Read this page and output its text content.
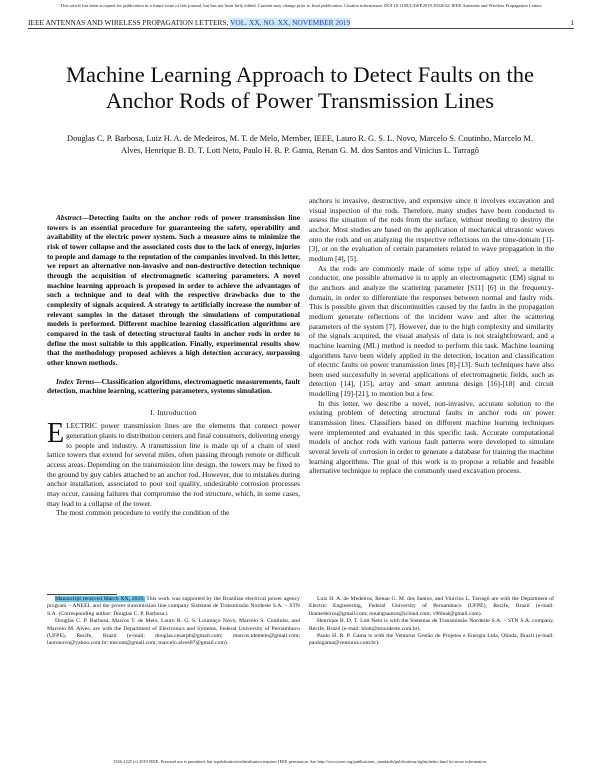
This article has been accepted for publication in a future issue of this journal, but has not been fully edited. Content may change prior to final publication. Citation information: DOI 10.1109/LAWP.2019.2932632, IEEE Antennas and Wireless Propagation Letters
IEEE ANTENNAS AND WIRELESS PROPAGATION LETTERS, VOL. XX, NO. XX, NOVEMBER 2019	1
Machine Learning Approach to Detect Faults on the Anchor Rods of Power Transmission Lines
Douglas C. P. Barbosa, Luiz H. A. de Medeiros, M. T. de Melo, Member, IEEE, Lauro R. G. S. L. Novo, Marcelo S. Coutinho, Marcelo M. Alves, Henrique B. D. T. Lott Neto, Paulo H. R. P. Gama, Renan G. M. dos Santos and Vinícius L. Tarragô

Abstract—Detecting faults on the anchor rods of power transmission line towers is an essential procedure for guaranteeing the safety, operability and availability of the electric power system. Such a measure aims to minimize the risk of tower collapse and the associated costs due to the lack of energy, injuries to people and damage to the reputation of the companies involved. In this letter, we report an alternative non-invasive and non-destructive detection technique through the acquisition of electromagnetic scattering parameters. A novel machine learning approach is proposed in order to achieve the advantages of such a technique and to deal with the respective drawbacks due to the complexity of signals acquired. A strategy to artificially increase the number of relevant samples in the dataset through the simulations of computational models is performed. Different machine learning classification algorithms are compared in the task of detecting structural faults in anchor rods in order to define the most suitable to this application. Finally, experimental results show that the methodology proposed achieves a high detection accuracy, surpassing other known methods.

Index Terms—Classification algorithms, electromagnetic measurements, fault detection, machine learning, scattering parameters, systems simulation.

I. Introduction

ELECTRIC power transmission lines are the elements that connect power generation plants to distribution centers and final consumers, delivering energy to people and industry. A transmission line is made up of a chain of steel lattice towers that extend for several miles, often passing through remote or difficult access areas. Depending on the transmission line design, the towers may be fixed to the ground by guy cables attached to an anchor rod. However, due to mistakes during anchor installation, associated to poor soil quality, undesirable corrosion processes may occur, causing failures that compromise the rod structure, which, in some cases, may lead to a collapse of the tower.

The most common procedure to verify the condition of the

anchors is invasive, destructive, and expensive since it involves excavation and visual inspection of the rods. Therefore, many studies have been conducted to assess the situation of the rods from the surface, without needing to destroy the anchor. Most studies are based on the application of mechanical ultrasonic waves onto the rods and on analyzing the respective reflections on the time-domain [1]-[3], or on the evaluation of certain parameters related to wave propagation in the medium [4], [5].

As the rods are commonly made of some type of alloy steel, a metallic conductor, one possible alternative is to apply an electromagnetic (EM) signal to the anchors and analyze the scattering parameter [S11] [6] in the frequency-domain, in order to differentiate the responses between normal and faulty rods. This is possible given that discontinuities caused by the faults in the propagation medium generate reflections of the incident wave and alter the scattering parameters of the system [7]. However, due to the high complexity and similarity of the signals acquired, the visual analysis of data is not straightforward, and a machine learning (ML) method is needed to perform this task. Machine learning algorithms have been widely applied in the detection, location and classification of electric faults on power transmission lines [8]-[13]. Such techniques have also been used successfully in several applications of electromagnetic fields, such as detection [14], [15], array and smart antenna design [16]-[18] and circuit modelling [19]-[21], to mention but a few.

In this letter, we describe a novel, non-invasive, accurate solution to the existing problem of detecting structural faults in anchor rods on power transmission lines. Classifiers based on different machine learning techniques were implemented and evaluated in this specific task. Accurate computational models of anchor rods with various fault patterns were developed to simulate several levels of corrosion in order to generate a database for training the machine learning algorithms. The goal of this work is to propose a reliable and feasible alternative technique to replace the commonly used excavation process.

Manuscript received March XX, 2019. This work was supported by the Brazilian electrical power agency program – ANEEL and the power transmission line company Sistemas de Transmissão Nordeste S.A. – STN S.A. (Corresponding author: Douglas C. P. Barbosa.)

Douglas C. P. Barbosa, Marcos T. de Melo, Lauro R. G. S. Lourenço Novo, Marcelo S. Coutinho, and Marcelo M. Alves, are with the Department of Electronics and Systems, Federal University of Pernambuco (UFPE), Recife, Brazil (e-mail: douglas.cesarpb@gmail.com; marcos.tdemelo@gmail.com; lauronovo@yahoo.com.br; mscout@gmail.com; marcelo.alves87@gmail.com).

Luiz H. A. de Medeiros, Renan G. M. dos Santos, and Vinícius L. Tarragô are with the Department of Electric Engineering, Federal University of Pernambuco (UFPE), Recife, Brazil (e-mail: lhamedeiros@gmail.com; renangsantos@icloud.com; v96leal@gmail.com).

Henrique B. D. T. Lott Neto is with the Sistemas de Transmissão Nordeste S.A. – STN S.A. company, Recife, Brazil (e-mail: hlott@stnordeste.com.br).

Paulo H. R. P. Gama is with the Venturus Gestão de Projetos e Energia Ltda, Olinda, Brazil (e-mail: paulogama@venturus.com.br).

1536-1225 (c) 2019 IEEE. Personal use is permitted, but republication/redistribution requires IEEE permission. See http://www.ieee.org/publications_standards/publications/rights/index.html for more information.
